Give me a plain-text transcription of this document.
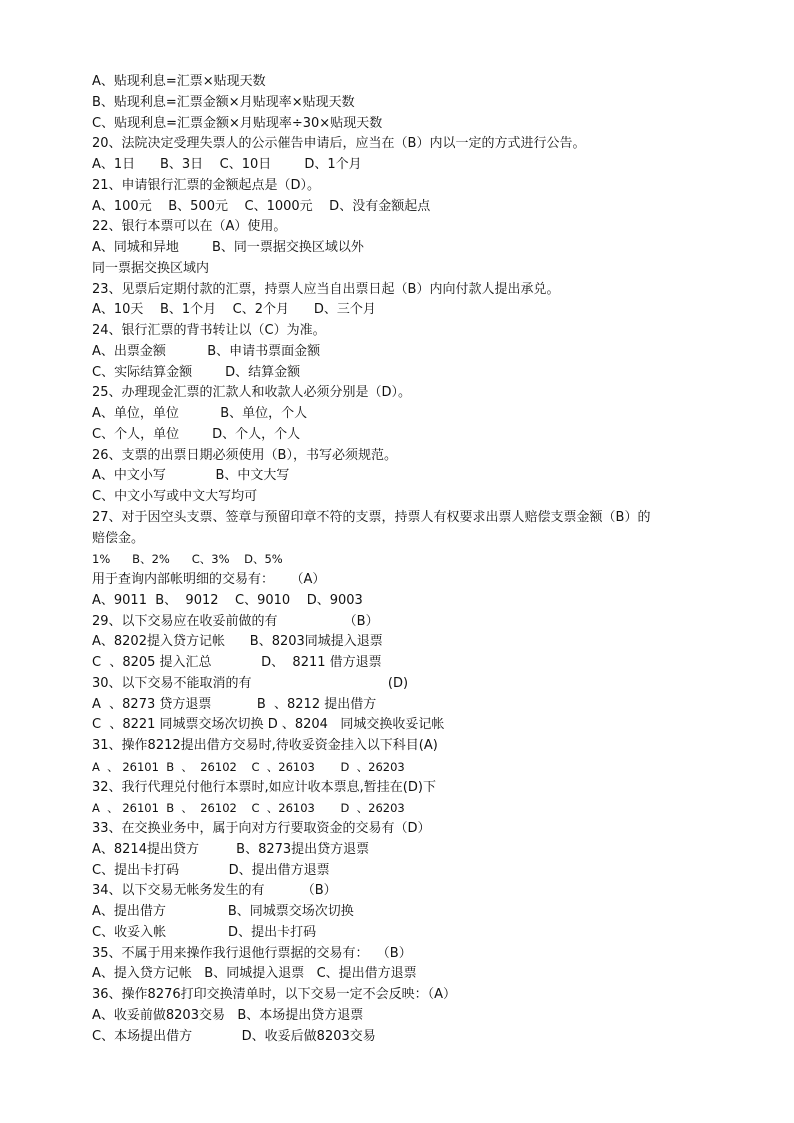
A、贴现利息=汇票×贴现天数
B、贴现利息=汇票金额×月贴现率×贴现天数
C、贴现利息=汇票金额×月贴现率÷30×贴现天数
20、法院决定受理失票人的公示催告申请后，应当在（B）内以一定的方式进行公告。
A、1日      B、3日    C、10日        D、1个月
21、申请银行汇票的金额起点是（D）。
A、100元    B、500元    C、1000元    D、没有金额起点
22、银行本票可以在（A）使用。
A、同城和异地        B、同一票据交换区域以外
同一票据交换区域内
23、见票后定期付款的汇票，持票人应当自出票日起（B）内向付款人提出承兑。
A、10天    B、1个月    C、2个月      D、三个月
24、银行汇票的背书转让以（C）为准。
A、出票金额          B、申请书票面金额
C、实际结算金额        D、结算金额
25、办理现金汇票的汇款人和收款人必须分别是（D）。
A、单位，单位          B、单位，个人
C、个人，单位        D、个人，个人
26、支票的出票日期必须使用（B），书写必须规范。
A、中文小写            B、中文大写
C、中文小写或中文大写均可
27、对于因空头支票、签章与预留印章不符的支票，持票人有权要求出票人赔偿支票金额（B）的
赔偿金。
1%      B、2%      C、3%    D、5%
用于查询内部帐明细的交易有：    （A）
A、9011  B、  9012    C、9010    D、9003
29、以下交易应在收妥前做的有                （B）
A、8202提入贷方记帐      B、8203同城提入退票
C  、8205 提入汇总            D、  8211 借方退票
30、以下交易不能取消的有                                 (D)
A  、8273 贷方退票           B  、8212 提出借方
C  、8221 同城票交场次切换 D 、8204   同城交换收妥记帐
31、操作8212提出借方交易时,待收妥资金挂入以下科目(A)
A  、 26101  B  、  26102    C  、26103       D  、26203
32、我行代理兑付他行本票时,如应计收本票息,暂挂在(D)下
A  、 26101  B  、  26102    C  、26103       D  、26203
33、在交换业务中，属于向对方行要取资金的交易有（D）
A、8214提出贷方         B、8273提出贷方退票
C、提出卡打码            D、提出借方退票
34、以下交易无帐务发生的有         （B）
A、提出借方               B、同城票交场次切换
C、收妥入帐               D、提出卡打码
35、不属于用来操作我行退他行票据的交易有：  （B）
A、提入贷方记帐   B、同城提入退票   C、提出借方退票
36、操作8276打印交换清单时，以下交易一定不会反映：（A）
A、收妥前做8203交易   B、本场提出贷方退票
C、本场提出借方            D、收妥后做8203交易
